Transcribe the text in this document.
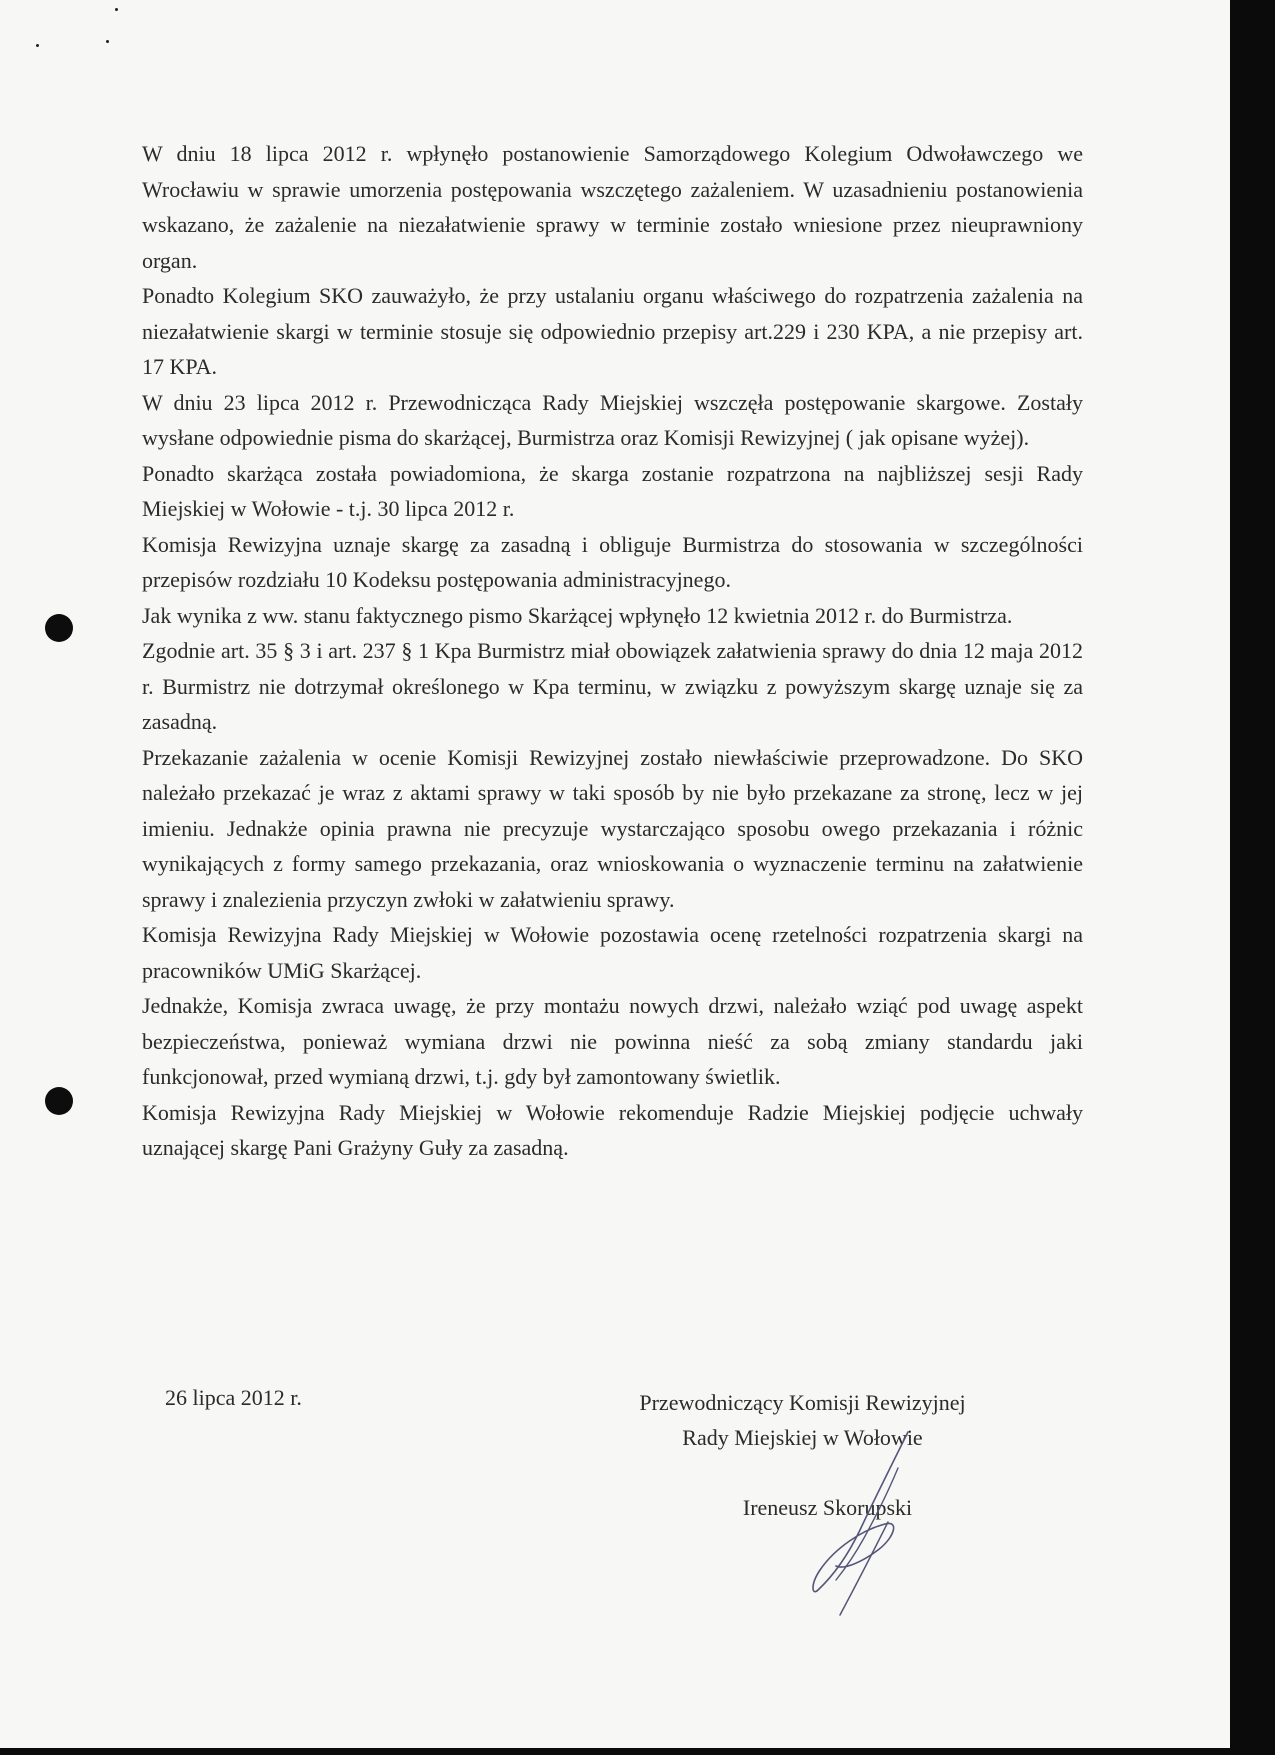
W dniu 18 lipca 2012 r. wpłynęło postanowienie Samorządowego Kolegium Odwoławczego we Wrocławiu w sprawie umorzenia postępowania wszczętego zażaleniem. W uzasadnieniu postanowienia wskazano, że zażalenie na niezałatwienie sprawy w terminie zostało wniesione przez nieuprawniony organ.

Ponadto Kolegium SKO zauważyło, że przy ustalaniu organu właściwego do rozpatrzenia zażalenia na niezałatwienie skargi w terminie stosuje się odpowiednio przepisy art.229 i 230 KPA, a nie przepisy art. 17 KPA.

W dniu 23 lipca 2012 r. Przewodnicząca Rady Miejskiej wszczęła postępowanie skargowe. Zostały wysłane odpowiednie pisma do skarżącej, Burmistrza oraz Komisji Rewizyjnej ( jak opisane wyżej).

Ponadto skarżąca została powiadomiona, że skarga zostanie rozpatrzona na najbliższej sesji Rady Miejskiej w Wołowie - t.j. 30 lipca 2012 r.

Komisja Rewizyjna uznaje skargę za zasadną i obliguje Burmistrza do stosowania w szczególności przepisów rozdziału 10 Kodeksu postępowania administracyjnego.

Jak wynika z ww. stanu faktycznego pismo Skarżącej wpłynęło 12 kwietnia 2012 r. do Burmistrza.

Zgodnie art. 35 § 3 i art. 237 § 1 Kpa Burmistrz miał obowiązek załatwienia sprawy do dnia 12 maja 2012 r. Burmistrz nie dotrzymał określonego w Kpa terminu, w związku z powyższym skargę uznaje się za zasadną.

Przekazanie zażalenia w ocenie Komisji Rewizyjnej zostało niewłaściwie przeprowadzone. Do SKO należało przekazać je wraz z aktami sprawy w taki sposób by nie było przekazane za stronę, lecz w jej imieniu. Jednakże opinia prawna nie precyzuje wystarczająco sposobu owego przekazania i różnic wynikających z formy samego przekazania, oraz wnioskowania o wyznaczenie terminu na załatwienie sprawy i znalezienia przyczyn zwłoki w załatwieniu sprawy.

Komisja Rewizyjna Rady Miejskiej w Wołowie pozostawia ocenę rzetelności rozpatrzenia skargi na pracowników UMiG Skarżącej.

Jednakże, Komisja zwraca uwagę, że przy montażu nowych drzwi, należało wziąć pod uwagę aspekt bezpieczeństwa, ponieważ wymiana drzwi nie powinna nieść za sobą zmiany standardu jaki funkcjonował, przed wymianą drzwi, t.j. gdy był zamontowany świetlik.

Komisja Rewizyjna Rady Miejskiej w Wołowie rekomenduje Radzie Miejskiej podjęcie uchwały uznającej skargę Pani Grażyny Guły za zasadną.

26 lipca 2012 r.	Przewodniczący Komisji Rewizyjnej
Rady Miejskiej w Wołowie
Ireneusz Skorupski
